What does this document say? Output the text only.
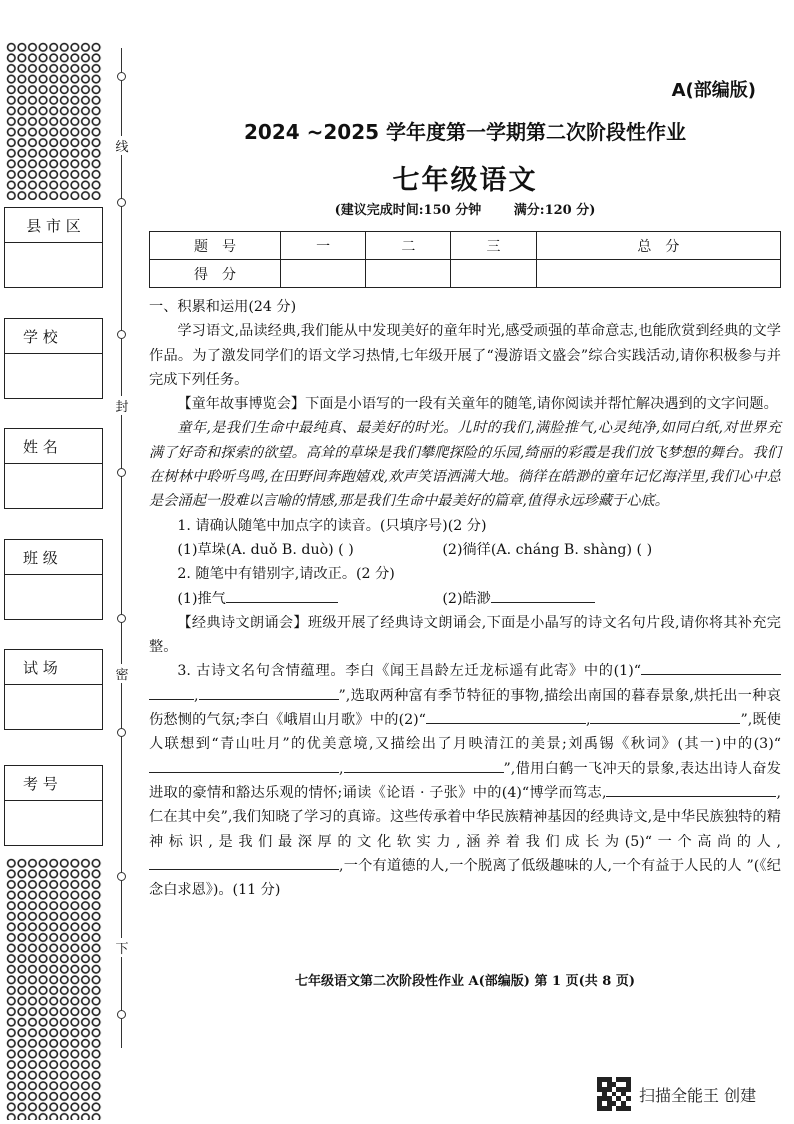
线
封
密
下
县 市 区
学 校
姓 名
班 级
试 场
考 号
A(部编版)
2024 ~2025 学年度第一学期第二次阶段性作业
七年级语文
(建议完成时间:150 分钟	满分:120 分)
题　号	一	二	三	总　分
得　分				

一、积累和运用(24 分)

学习语文,品读经典,我们能从中发现美好的童年时光,感受顽强的革命意志,也能欣赏到经典的文学作品。为了激发同学们的语文学习热情,七年级开展了“漫游语文盛会”综合实践活动,请你积极参与并完成下列任务。

【童年故事博览会】下面是小语写的一段有关童年的随笔,请你阅读并帮忙解决遇到的文字问题。

童年,是我们生命中最纯真、最美好的时光。儿时的我们,满脸推气,心灵纯净,如同白纸,对世界充满了好奇和探索的欲望。高耸的草垛是我们攀爬探险的乐园,绮丽的彩霞是我们放飞梦想的舞台。我们在树林中聆听鸟鸣,在田野间奔跑嬉戏,欢声笑语洒满大地。徜徉在皓渺的童年记忆海洋里,我们心中总是会涌起一股难以言喻的情感,那是我们生命中最美好的篇章,值得永远珍藏于心底。

1. 请确认随笔中加点字的读音。(只填序号)(2 分)

(1)草垛(A. duǒ B. duò) ( )	(2)徜徉(A. cháng B. shàng) ( )

2. 随笔中有错别字,请改正。(2 分)

(1)推气	(2)皓渺

【经典诗文朗诵会】班级开展了经典诗文朗诵会,下面是小晶写的诗文名句片段,请你将其补充完整。

3. 古诗文名句含情蕴理。李白《闻王昌龄左迁龙标遥有此寄》中的(1)“,	”,选取两种富有季节特征的事物,描绘出南国的暮春景象,烘托出一种哀伤愁恻的气氛;李白《峨眉山月歌》中的(2)“	,	”,既使人联想到“青山吐月”的优美意境,又描绘出了月映清江的美景;刘禹锡《秋词》(其一)中的(3)“,	”,借用白鹤一飞冲天的景象,表达出诗人奋发进取的豪情和豁达乐观的情怀;诵读《论语 · 子张》中的(4)“博学而笃志,	,仁在其中矣”,我们知晓了学习的真谛。这些传承着中华民族精神基因的经典诗文,是中华民族独特的精神标识,是我们最深厚的文化软实力,涵养着我们成长为(5)“一个高尚的人,,一个有道德的人,一个脱离了低级趣味的人,一个有益于人民的人 ”(《纪念白求恩》)。(11 分)

七年级语文第二次阶段性作业 A(部编版) 第 1 页(共 8 页)
扫描全能王 创建
